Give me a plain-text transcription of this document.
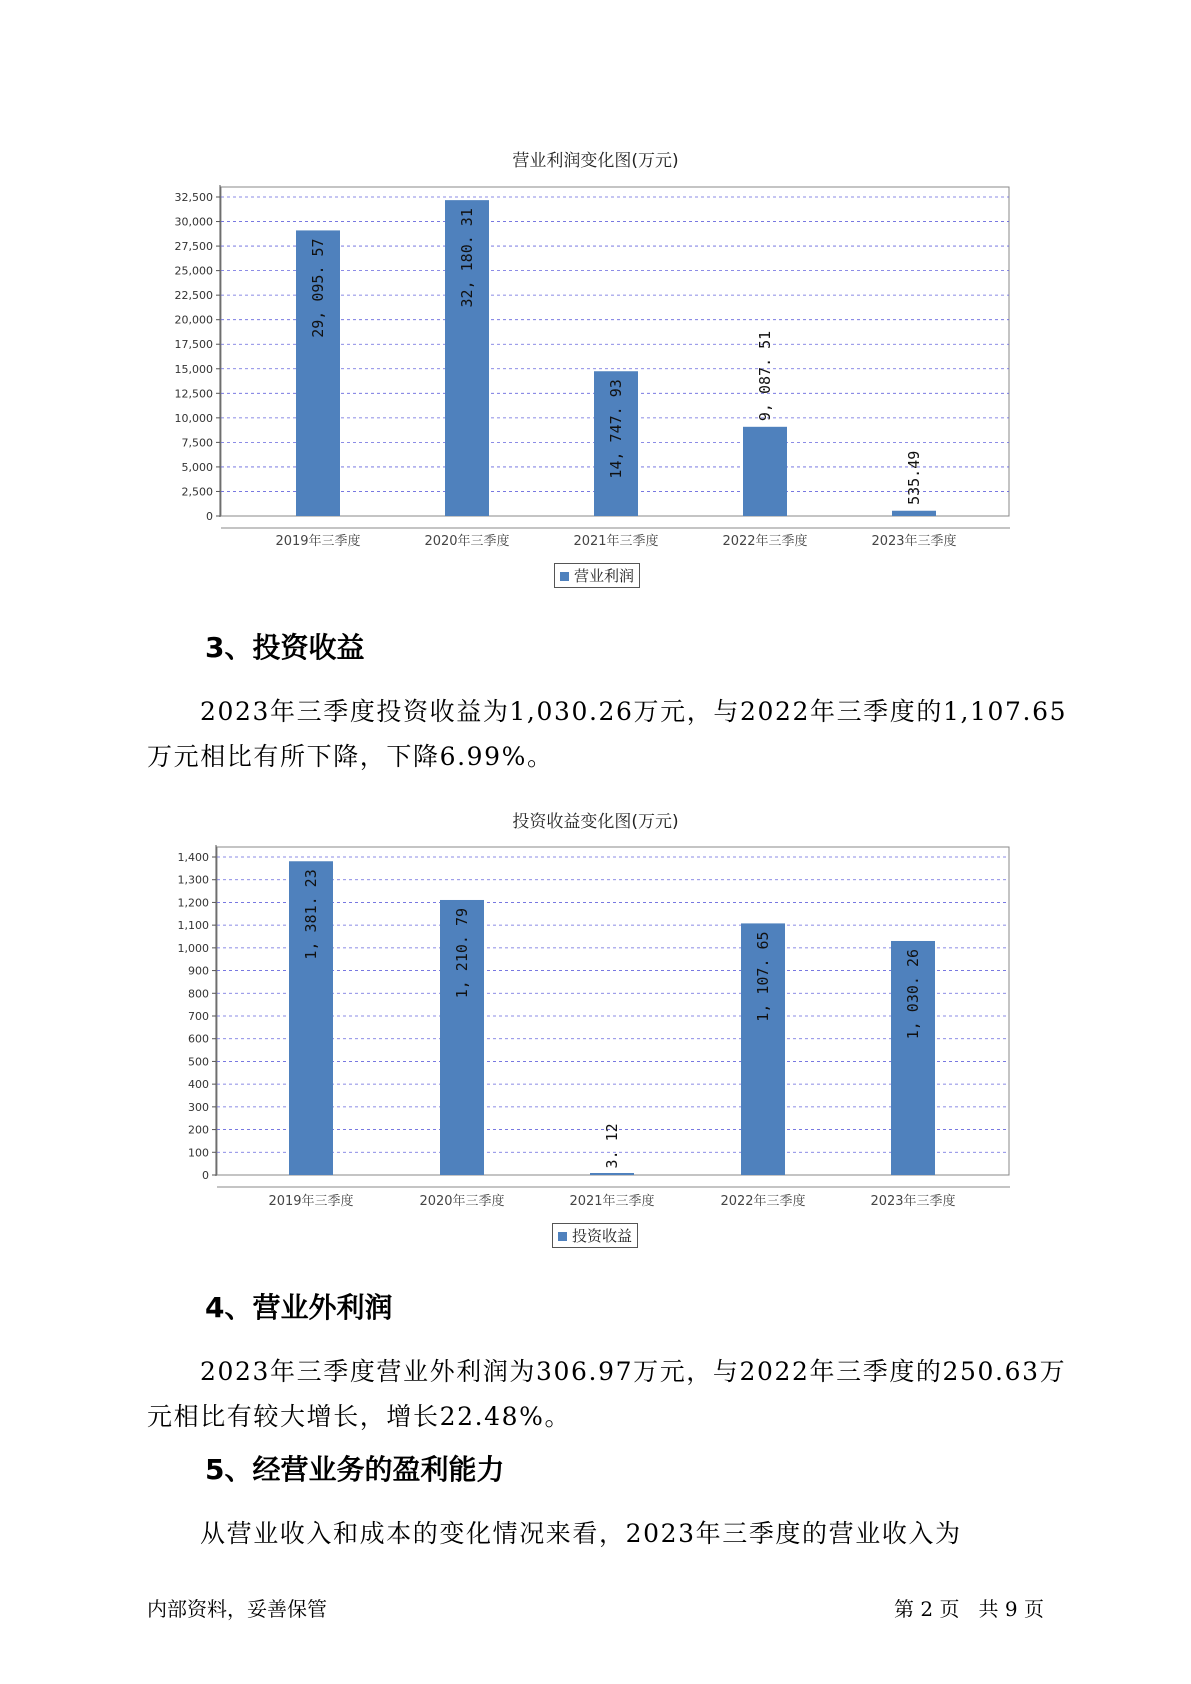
营业利润变化图(万元)
0
2,500
5,000
7,500
10,000
12,500
15,000
17,500
20,000
22,500
25,000
27,500
30,000
32,500
2019年三季度
29, 095. 57
2020年三季度
32, 180. 31
2021年三季度
14, 747. 93
2022年三季度
9, 087. 51
2023年三季度
535.49
营业利润
3、投资收益
2023年三季度投资收益为1,030.26万元，与2022年三季度的1,107.65
万元相比有所下降，下降6.99%。
投资收益变化图(万元)
0
100
200
300
400
500
600
700
800
900
1,000
1,100
1,200
1,300
1,400
2019年三季度
1, 381. 23
2020年三季度
1, 210. 79
2021年三季度
3. 12
2022年三季度
1, 107. 65
2023年三季度
1, 030. 26
投资收益
4、营业外利润
2023年三季度营业外利润为306.97万元，与2022年三季度的250.63万
元相比有较大增长，增长22.48%。
5、经营业务的盈利能力
从营业收入和成本的变化情况来看，2023年三季度的营业收入为
内部资料，妥善保管	第 2 页   共 9 页
